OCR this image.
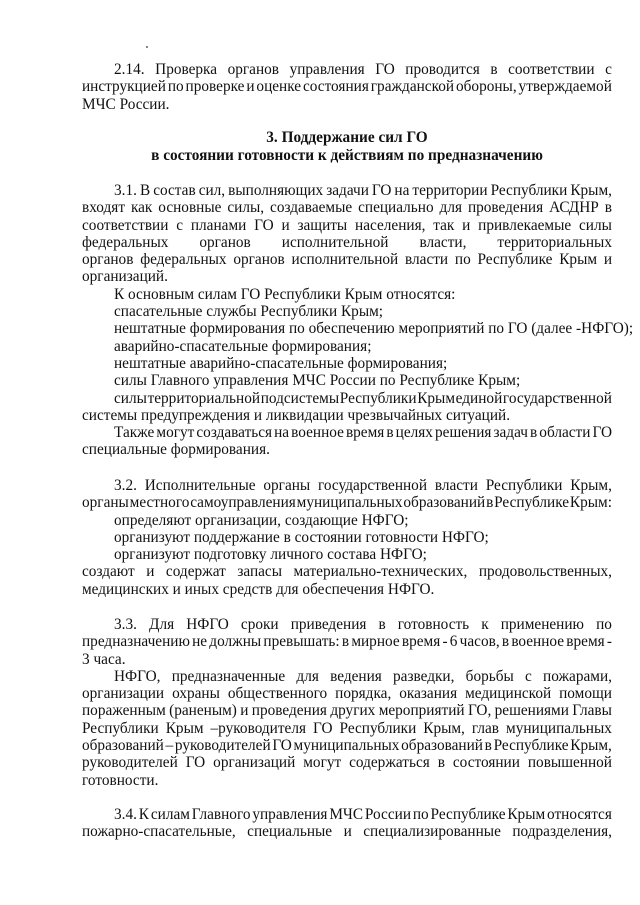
2.14. Проверка органов управления ГО проводится в соответствии с
инструкцией по проверке и оценке состояния гражданской обороны, утверждаемой
МЧС России.
3. Поддержание сил ГО
в состоянии готовности к действиям по предназначению
3.1. В состав сил, выполняющих задачи ГО на территории Республики Крым,
входят как основные силы, создаваемые специально для проведения АСДНР в
соответствии с планами ГО и защиты населения, так и привлекаемые силы
федеральных органов исполнительной власти, территориальных
органов федеральных органов исполнительной власти по Республике Крым и
организаций.
К основным силам ГО Республики Крым относятся:
спасательные службы Республики Крым;
нештатные формирования по обеспечению мероприятий по ГО (далее -НФГО);
аварийно-спасательные формирования;
нештатные аварийно-спасательные формирования;
силы Главного управления МЧС России по Республике Крым;
силы территориальной подсистемы Республики Крым единой государственной
системы предупреждения и ликвидации чрезвычайных ситуаций.
Также могут создаваться на военное время в целях решения задач в области ГО
специальные формирования.
3.2. Исполнительные органы государственной власти Республики Крым,
органы местного самоуправления муниципальных образований в Республике Крым:
определяют организации, создающие НФГО;
организуют поддержание в состоянии готовности НФГО;
организуют подготовку личного состава НФГО;
создают и содержат запасы материально-технических, продовольственных,
медицинских и иных средств для обеспечения НФГО.
3.3. Для НФГО сроки приведения в готовность к применению по
предназначению не должны превышать: в мирное время - 6 часов, в военное время -
3 часа.
НФГО, предназначенные для ведения разведки, борьбы с пожарами,
организации охраны общественного порядка, оказания медицинской помощи
пораженным (раненым) и проведения других мероприятий ГО, решениями Главы
Республики Крым –руководителя ГО Республики Крым, глав муниципальных
образований – руководителей ГО муниципальных образований в Республике Крым,
руководителей ГО организаций могут содержаться в состоянии повышенной
готовности.
3.4. К силам Главного управления МЧС России по Республике Крым относятся
пожарно-спасательные, специальные и специализированные подразделения,
